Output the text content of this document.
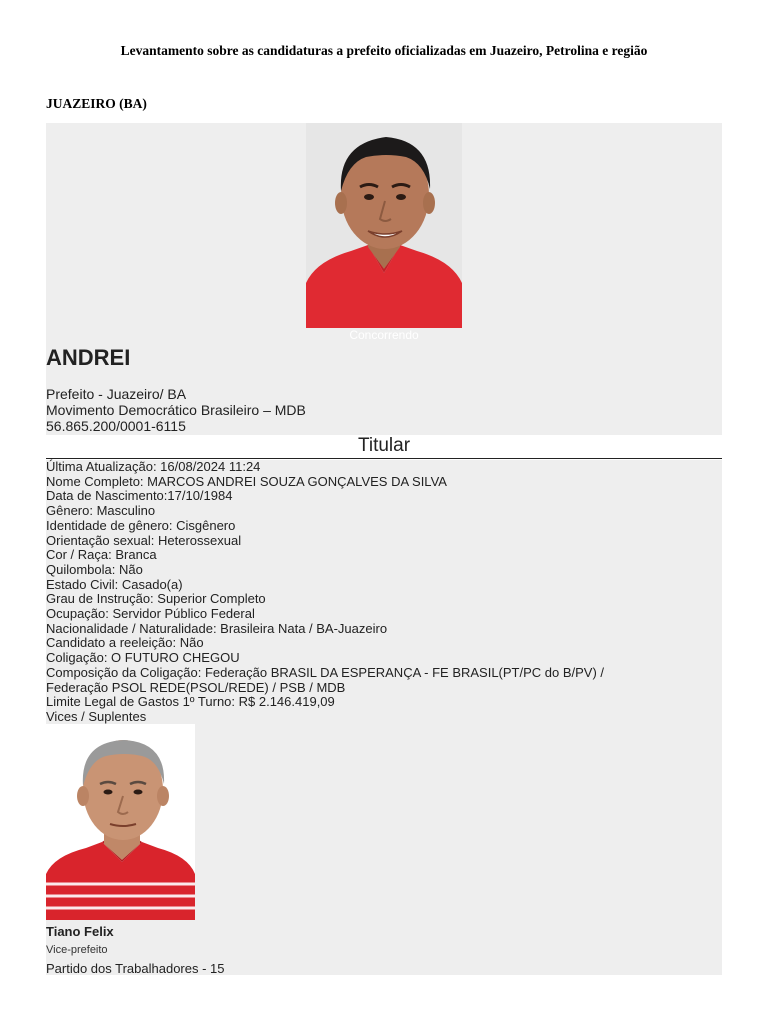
Levantamento sobre as candidaturas a prefeito oficializadas em Juazeiro, Petrolina e região
JUAZEIRO (BA)
Concorrendo
ANDREI
Prefeito - Juazeiro/ BA
Movimento Democrático Brasileiro – MDB
56.865.200/0001-6115
Titular
Última Atualização: 16/08/2024 11:24
Nome Completo: MARCOS ANDREI SOUZA GONÇALVES DA SILVA
Data de Nascimento:17/10/1984
Gênero: Masculino
Identidade de gênero: Cisgênero
Orientação sexual: Heterossexual
Cor / Raça: Branca
Quilombola: Não
Estado Civil: Casado(a)
Grau de Instrução: Superior Completo
Ocupação: Servidor Público Federal
Nacionalidade / Naturalidade: Brasileira Nata / BA-Juazeiro
Candidato a reeleição: Não
Coligação: O FUTURO CHEGOU
Composição da Coligação: Federação BRASIL DA ESPERANÇA - FE BRASIL(PT/PC do B/PV) /
Federação PSOL REDE(PSOL/REDE) / PSB / MDB
Limite Legal de Gastos 1º Turno: R$ 2.146.419,09
Vices / Suplentes
Tiano Felix
Vice-prefeito
Partido dos Trabalhadores - 15
